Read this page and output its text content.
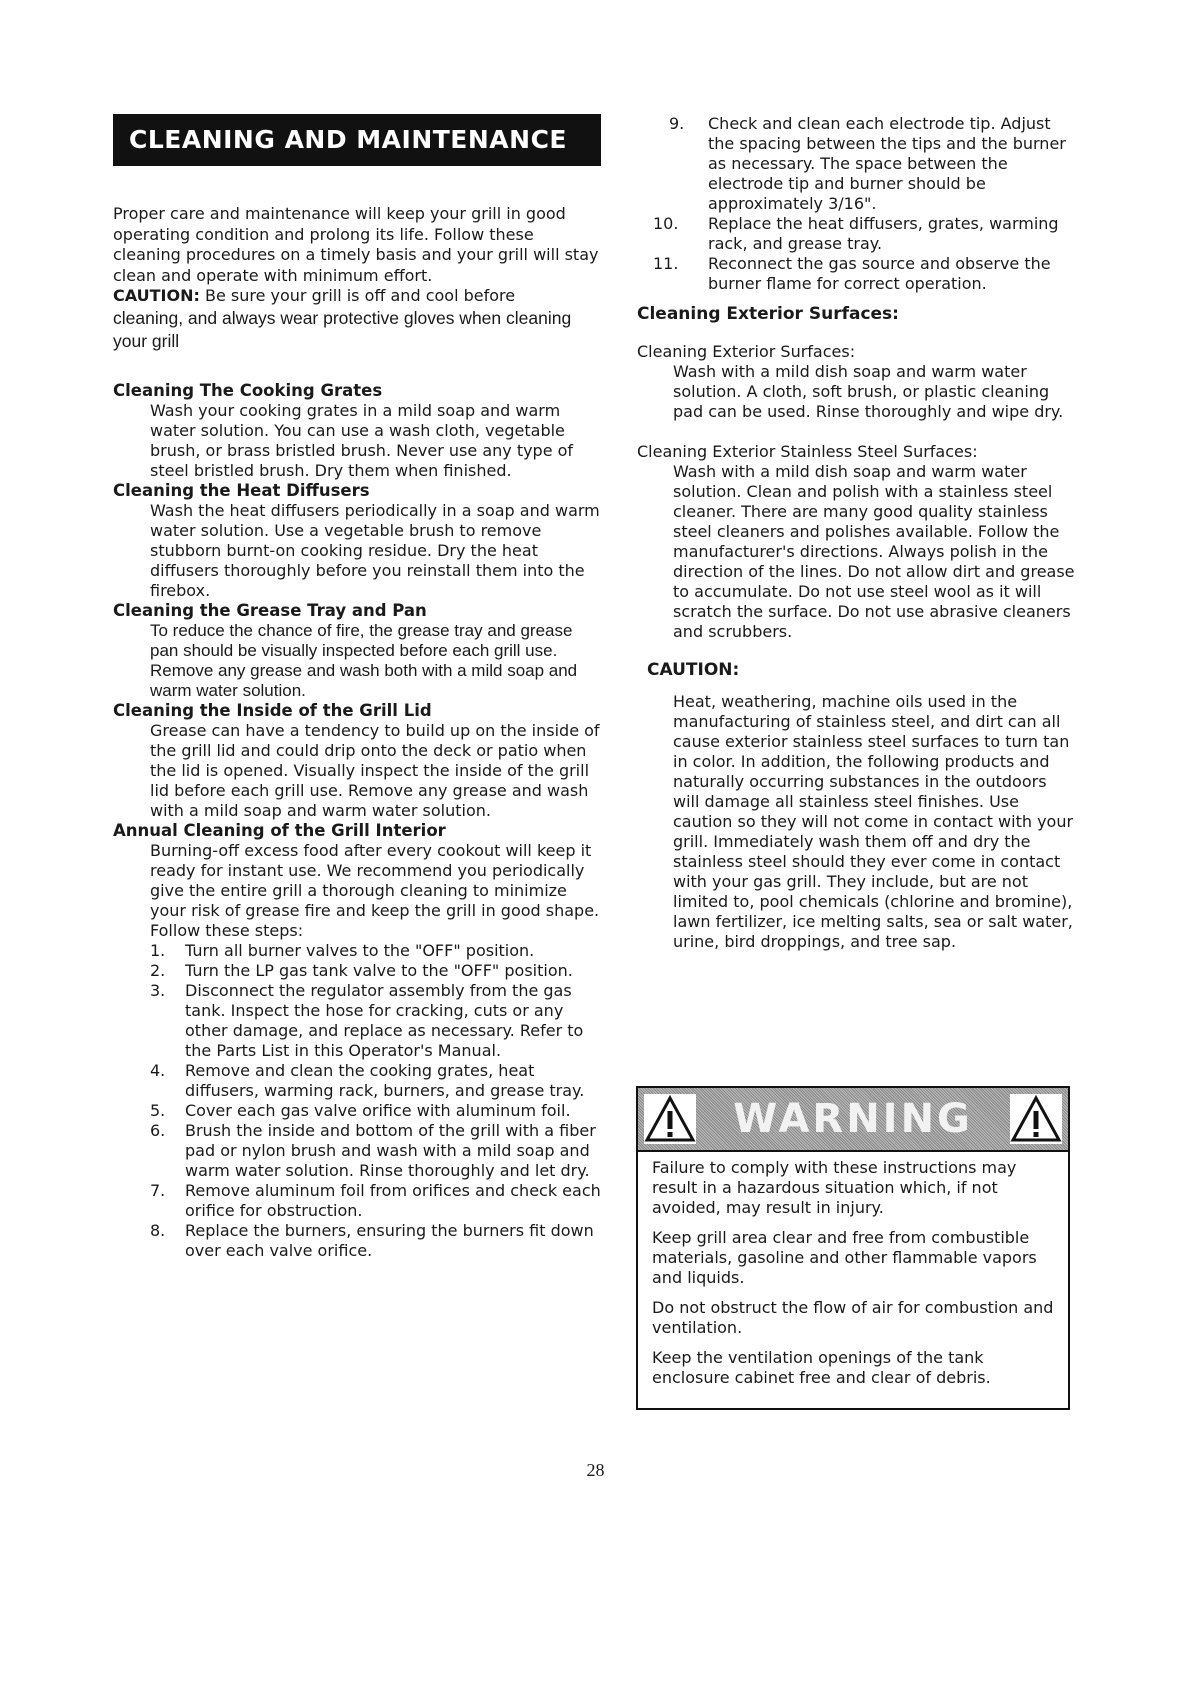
CLEANING AND MAINTENANCE
Proper care and maintenance will keep your grill in good operating condition and prolong its life. Follow these cleaning procedures on a timely basis and your grill will stay clean and operate with minimum effort.
CAUTION: Be sure your grill is off and cool before
cleaning, and always wear protective gloves when cleaning your grill
Cleaning The Cooking Grates
Wash your cooking grates in a mild soap and warm water solution. You can use a wash cloth, vegetable brush, or brass bristled brush. Never use any type of steel bristled brush. Dry them when finished.
Cleaning the Heat Diffusers
Wash the heat diffusers periodically in a soap and warm water solution. Use a vegetable brush to remove stubborn burnt-on cooking residue. Dry the heat diffusers thoroughly before you reinstall them into the firebox.
Cleaning the Grease Tray and Pan
To reduce the chance of fire, the grease tray and grease pan should be visually inspected before each grill use. Remove any grease and wash both with a mild soap and warm water solution.
Cleaning the Inside of the Grill Lid
Grease can have a tendency to build up on the inside of the grill lid and could drip onto the deck or patio when the lid is opened. Visually inspect the inside of the grill lid before each grill use. Remove any grease and wash with a mild soap and warm water solution.
Annual Cleaning of the Grill Interior
Burning-off excess food after every cookout will keep it ready for instant use. We recommend you periodically give the entire grill a thorough cleaning to minimize your risk of grease fire and keep the grill in good shape. Follow these steps:
1.	Turn all burner valves to the "OFF" position.
2.	Turn the LP gas tank valve to the "OFF" position.
3.	Disconnect the regulator assembly from the gas tank. Inspect the hose for cracking, cuts or any other damage, and replace as necessary. Refer to the Parts List in this Operator's Manual.
4.	Remove and clean the cooking grates, heat diffusers, warming rack, burners, and grease tray.
5.	Cover each gas valve orifice with aluminum foil.
6.	Brush the inside and bottom of the grill with a fiber pad or nylon brush and wash with a mild soap and warm water solution. Rinse thoroughly and let dry.
7.	Remove aluminum foil from orifices and check each orifice for obstruction.
8.	Replace the burners, ensuring the burners fit down over each valve orifice.
9.	Check and clean each electrode tip. Adjust the spacing between the tips and the burner as necessary. The space between the electrode tip and burner should be approximately 3/16".
10.	Replace the heat diffusers, grates, warming rack, and grease tray.
11.	Reconnect the gas source and observe the burner flame for correct operation.
Cleaning Exterior Surfaces:
Cleaning Exterior Surfaces:
Wash with a mild dish soap and warm water solution. A cloth, soft brush, or plastic cleaning pad can be used. Rinse thoroughly and wipe dry.
Cleaning Exterior Stainless Steel Surfaces:
Wash with a mild dish soap and warm water solution. Clean and polish with a stainless steel cleaner. There are many good quality stainless steel cleaners and polishes available. Follow the manufacturer's directions. Always polish in the direction of the lines. Do not allow dirt and grease to accumulate. Do not use steel wool as it will scratch the surface. Do not use abrasive cleaners and scrubbers.
CAUTION:
Heat, weathering, machine oils used in the manufacturing of stainless steel, and dirt can all cause exterior stainless steel surfaces to turn tan in color. In addition, the following products and naturally occurring substances in the outdoors will damage all stainless steel finishes. Use caution so they will not come in contact with your grill. Immediately wash them off and dry the stainless steel should they ever come in contact with your gas grill. They include, but are not limited to, pool chemicals (chlorine and bromine), lawn fertilizer, ice melting salts, sea or salt water, urine, bird droppings, and tree sap.
WARNING

Failure to comply with these instructions may result in a hazardous situation which, if not avoided, may result in injury.

Keep grill area clear and free from combustible materials, gasoline and other flammable vapors and liquids.

Do not obstruct the flow of air for combustion and ventilation.

Keep the ventilation openings of the tank enclosure cabinet free and clear of debris.

28
